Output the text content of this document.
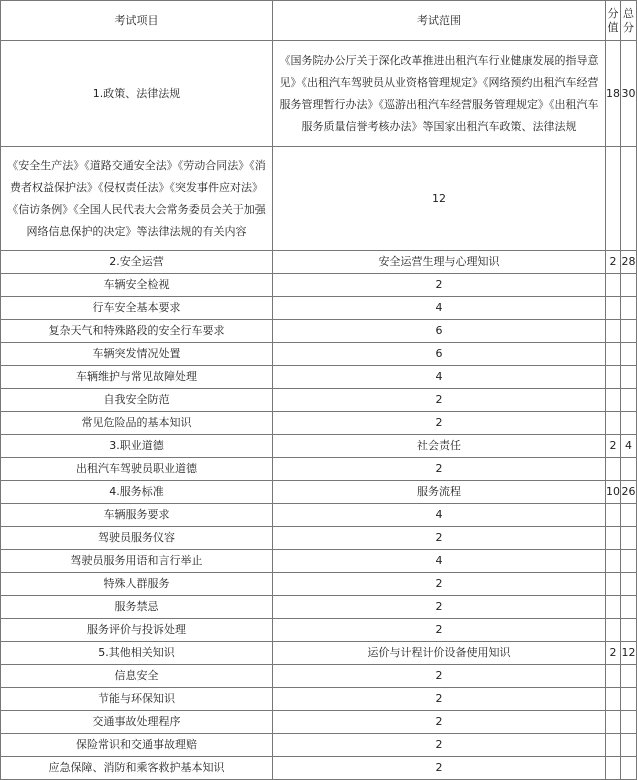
考试项目	考试范围	分值	总分
1.政策、法律法规	《国务院办公厅关于深化改革推进出租汽车行业健康发展的指导意见》《出租汽车驾驶员从业资格管理规定》《网络预约出租汽车经营服务管理暂行办法》《巡游出租汽车经营服务管理规定》《出租汽车服务质量信誉考核办法》等国家出租汽车政策、法律法规	18	30
《安全生产法》《道路交通安全法》《劳动合同法》《消费者权益保护法》《侵权责任法》《突发事件应对法》《信访条例》《全国人民代表大会常务委员会关于加强网络信息保护的决定》等法律法规的有关内容	12		
2.安全运营	安全运营生理与心理知识	2	28
车辆安全检视	2		
行车安全基本要求	4		
复杂天气和特殊路段的安全行车要求	6		
车辆突发情况处置	6		
车辆维护与常见故障处理	4		
自我安全防范	2		
常见危险品的基本知识	2		
3.职业道德	社会责任	2	4
出租汽车驾驶员职业道德	2		
4.服务标准	服务流程	10	26
车辆服务要求	4		
驾驶员服务仪容	2		
驾驶员服务用语和言行举止	4		
特殊人群服务	2		
服务禁忌	2		
服务评价与投诉处理	2		
5.其他相关知识	运价与计程计价设备使用知识	2	12
信息安全	2		
节能与环保知识	2		
交通事故处理程序	2		
保险常识和交通事故理赔	2		
应急保障、消防和乘客救护基本知识	2		
